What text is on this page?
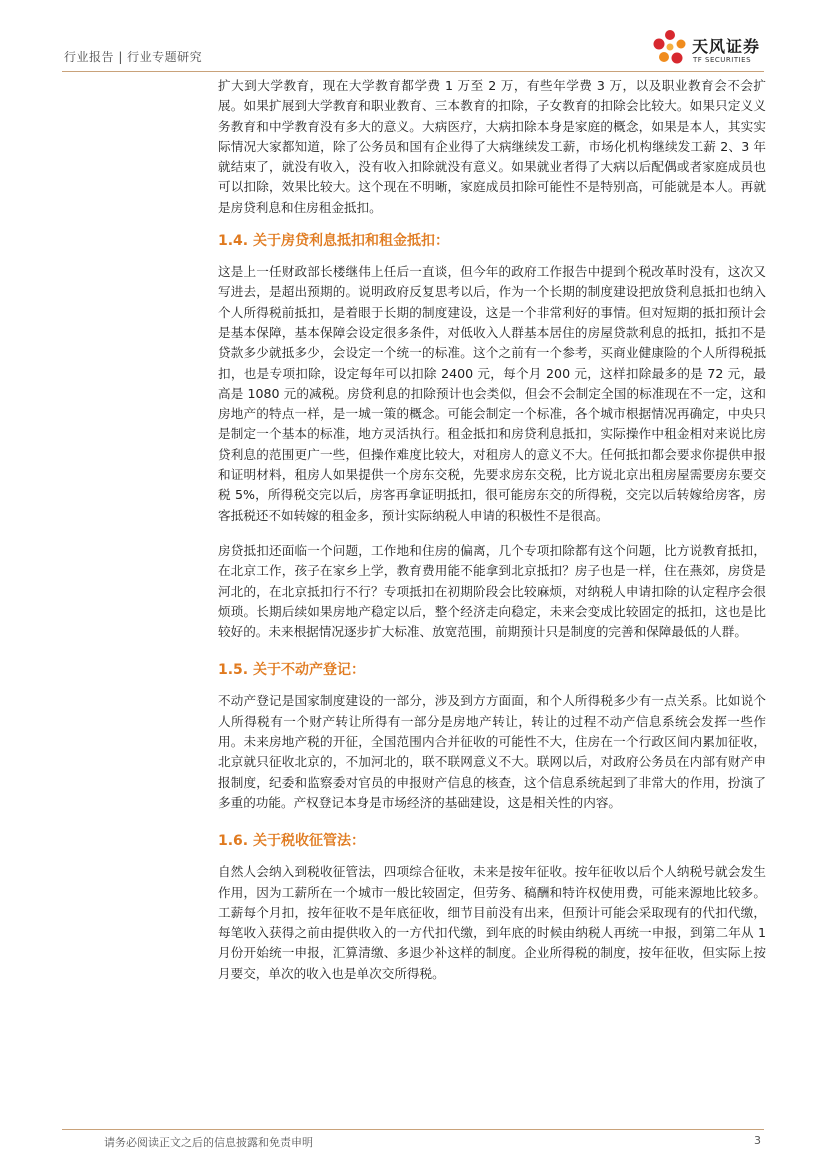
行业报告 | 行业专题研究
天风证券
TF SECURITIES

扩大到大学教育，现在大学教育都学费 1 万至 2 万，有些年学费 3 万，以及职业教育会不会扩展。如果扩展到大学教育和职业教育、三本教育的扣除，子女教育的扣除会比较大。如果只定义义务教育和中学教育没有多大的意义。大病医疗，大病扣除本身是家庭的概念，如果是本人，其实实际情况大家都知道，除了公务员和国有企业得了大病继续发工薪，市场化机构继续发工薪 2、3 年就结束了，就没有收入，没有收入扣除就没有意义。如果就业者得了大病以后配偶或者家庭成员也可以扣除，效果比较大。这个现在不明晰，家庭成员扣除可能性不是特别高，可能就是本人。再就是房贷利息和住房租金抵扣。

1.4. 关于房贷利息抵扣和租金抵扣：

这是上一任财政部长楼继伟上任后一直谈，但今年的政府工作报告中提到个税改革时没有，这次又写进去，是超出预期的。说明政府反复思考以后，作为一个长期的制度建设把放贷利息抵扣也纳入个人所得税前抵扣，是着眼于长期的制度建设，这是一个非常利好的事情。但对短期的抵扣预计会是基本保障，基本保障会设定很多条件，对低收入人群基本居住的房屋贷款利息的抵扣，抵扣不是贷款多少就抵多少，会设定一个统一的标准。这个之前有一个参考，买商业健康险的个人所得税抵扣，也是专项扣除，设定每年可以扣除 2400 元，每个月 200 元，这样扣除最多的是 72 元，最高是 1080 元的减税。房贷利息的扣除预计也会类似，但会不会制定全国的标准现在不一定，这和房地产的特点一样，是一城一策的概念。可能会制定一个标准，各个城市根据情况再确定，中央只是制定一个基本的标准，地方灵活执行。租金抵扣和房贷利息抵扣，实际操作中租金相对来说比房贷利息的范围更广一些，但操作难度比较大，对租房人的意义不大。任何抵扣都会要求你提供申报和证明材料，租房人如果提供一个房东交税，先要求房东交税，比方说北京出租房屋需要房东要交税 5%，所得税交完以后，房客再拿证明抵扣，很可能房东交的所得税，交完以后转嫁给房客，房客抵税还不如转嫁的租金多，预计实际纳税人申请的积极性不是很高。

房贷抵扣还面临一个问题，工作地和住房的偏离，几个专项扣除都有这个问题，比方说教育抵扣，在北京工作，孩子在家乡上学，教育费用能不能拿到北京抵扣？房子也是一样，住在燕郊，房贷是河北的，在北京抵扣行不行？专项抵扣在初期阶段会比较麻烦，对纳税人申请扣除的认定程序会很烦琐。长期后续如果房地产稳定以后，整个经济走向稳定，未来会变成比较固定的抵扣，这也是比较好的。未来根据情况逐步扩大标准、放宽范围，前期预计只是制度的完善和保障最低的人群。

1.5. 关于不动产登记：

不动产登记是国家制度建设的一部分，涉及到方方面面，和个人所得税多少有一点关系。比如说个人所得税有一个财产转让所得有一部分是房地产转让，转让的过程不动产信息系统会发挥一些作用。未来房地产税的开征，全国范围内合并征收的可能性不大，住房在一个行政区间内累加征收，北京就只征收北京的，不加河北的，联不联网意义不大。联网以后，对政府公务员在内部有财产申报制度，纪委和监察委对官员的申报财产信息的核查，这个信息系统起到了非常大的作用，扮演了多重的功能。产权登记本身是市场经济的基础建设，这是相关性的内容。

1.6. 关于税收征管法：

自然人会纳入到税收征管法，四项综合征收，未来是按年征收。按年征收以后个人纳税号就会发生作用，因为工薪所在一个城市一般比较固定，但劳务、稿酬和特许权使用费，可能来源地比较多。工薪每个月扣，按年征收不是年底征收，细节目前没有出来，但预计可能会采取现有的代扣代缴，每笔收入获得之前由提供收入的一方代扣代缴，到年底的时候由纳税人再统一申报，到第二年从 1 月份开始统一申报，汇算清缴、多退少补这样的制度。企业所得税的制度，按年征收，但实际上按月要交，单次的收入也是单次交所得税。

请务必阅读正文之后的信息披露和免责申明	3
